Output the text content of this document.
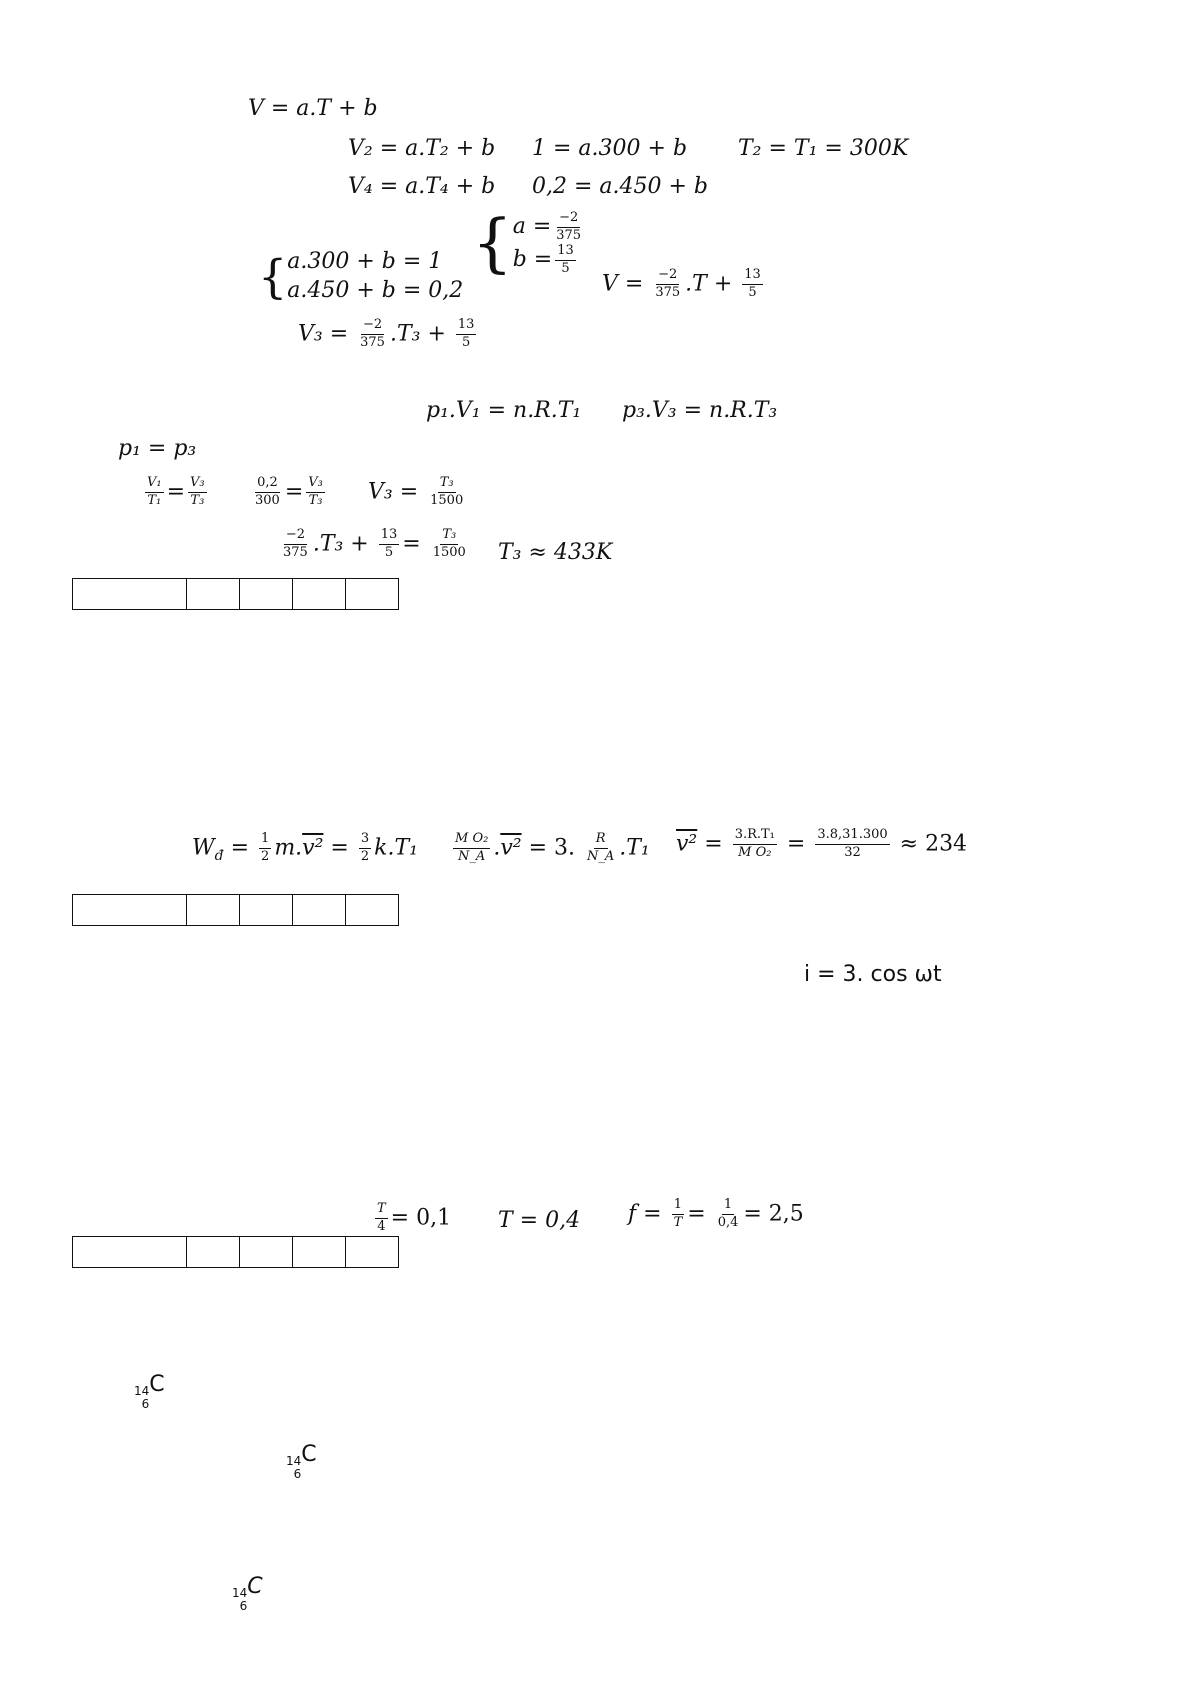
V = a.T + b
V₂ = a.T₂ + b 1 = a.300 + b T₂ = T₁ = 300K
V₄ = a.T₄ + b 0,2 = a.450 + b
{ a.300 + b = 1
a.450 + b = 0,2
{ $a = \frac{-2}{375}$
$b = \frac{13}{5}$
$V = \frac{-2}{375} .T + \frac{13}{5}$
$V_3 = \frac{-2}{375} .T_3 + \frac{13}{5}$
p₁.V₁ = n.R.T₁ p₃.V₃ = n.R.T₃
p₁ = p₃
$\frac{\text{V₁}}{\text{T₁}} = \frac{\text{V₃}}{\text{T₃}}$	$\frac{0,2}{300} = \frac{\text{V₃}}{\text{T₃}} V_3 = \frac{\text{T₃}}{1500}$
$\frac{-2}{375} .T_3 + \frac{13}{5} = \frac{\text{T₃}}{1500} T_3 \approx 433K$

$W_đ = \frac{1}{2} m.v^2 = \frac{3}{2} k.T_1$	$\frac{\text{M O₂}}{N\_A} .v^2 = 3$. $\frac{R}{N\_A} .T_1$ $v^2 = \frac{\text{3.R.T₁}}{\text{M O₂}} = \frac{3.8,31.300}{32} \approx 234$

i = 3. cos ωt
$\frac{T}{4} = 0,1$ T = 0,4 $f = \frac{1}{T} = \frac{1}{0,4} = 2,5$

14
6
C
14
6
C
14
6
C
